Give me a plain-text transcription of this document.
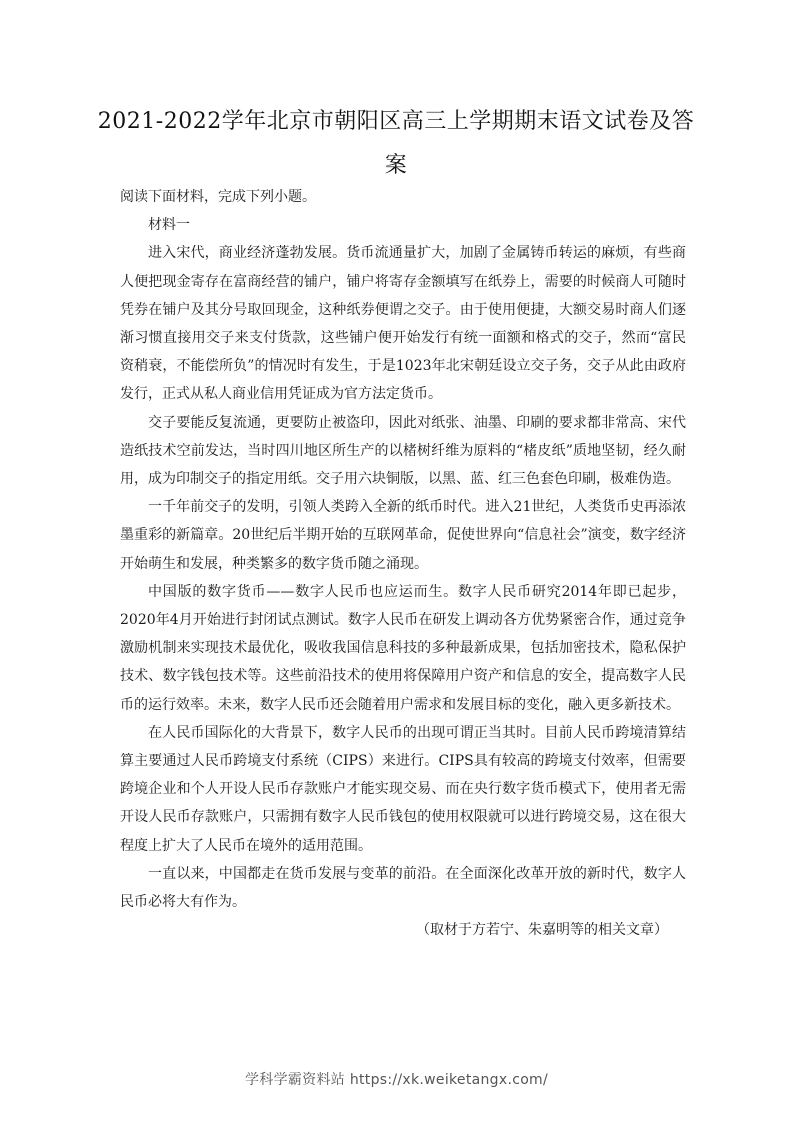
2021-2022学年北京市朝阳区高三上学期期末语文试卷及答案

阅读下面材料，完成下列小题。

材料一

进入宋代，商业经济蓬勃发展。货币流通量扩大，加剧了金属铸币转运的麻烦，有些商人便把现金寄存在富商经营的铺户，铺户将寄存金额填写在纸券上，需要的时候商人可随时凭券在铺户及其分号取回现金，这种纸券便谓之交子。由于使用便捷，大额交易时商人们逐渐习惯直接用交子来支付货款，这些铺户便开始发行有统一面额和格式的交子，然而“富民资稍衰，不能偿所负”的情况时有发生，于是1023年北宋朝廷设立交子务，交子从此由政府发行，正式从私人商业信用凭证成为官方法定货币。

交子要能反复流通，更要防止被盗印，因此对纸张、油墨、印刷的要求都非常高、宋代造纸技术空前发达，当时四川地区所生产的以楮树纤维为原料的“楮皮纸”质地坚韧，经久耐用，成为印制交子的指定用纸。交子用六块铜版，以黑、蓝、红三色套色印刷，极难伪造。

一千年前交子的发明，引领人类跨入全新的纸币时代。进入21世纪，人类货币史再添浓墨重彩的新篇章。20世纪后半期开始的互联网革命，促使世界向“信息社会”演变，数字经济开始萌生和发展，种类繁多的数字货币随之涌现。

中国版的数字货币——数字人民币也应运而生。数字人民币研究2014年即已起步，2020年4月开始进行封闭试点测试。数字人民币在研发上调动各方优势紧密合作，通过竞争激励机制来实现技术最优化，吸收我国信息科技的多种最新成果，包括加密技术，隐私保护技术、数字钱包技术等。这些前沿技术的使用将保障用户资产和信息的安全，提高数字人民币的运行效率。未来，数字人民币还会随着用户需求和发展目标的变化，融入更多新技术。

在人民币国际化的大背景下，数字人民币的出现可谓正当其时。目前人民币跨境清算结算主要通过人民币跨境支付系统（CIPS）来进行。CIPS具有较高的跨境支付效率，但需要跨境企业和个人开设人民币存款账户才能实现交易、而在央行数字货币模式下，使用者无需开设人民币存款账户，只需拥有数字人民币钱包的使用权限就可以进行跨境交易，这在很大程度上扩大了人民币在境外的适用范围。

一直以来，中国都走在货币发展与变革的前沿。在全面深化改革开放的新时代，数字人民币必将大有作为。

（取材于方若宁、朱嘉明等的相关文章）

学科学霸资料站 https://xk.weiketangx.com/
